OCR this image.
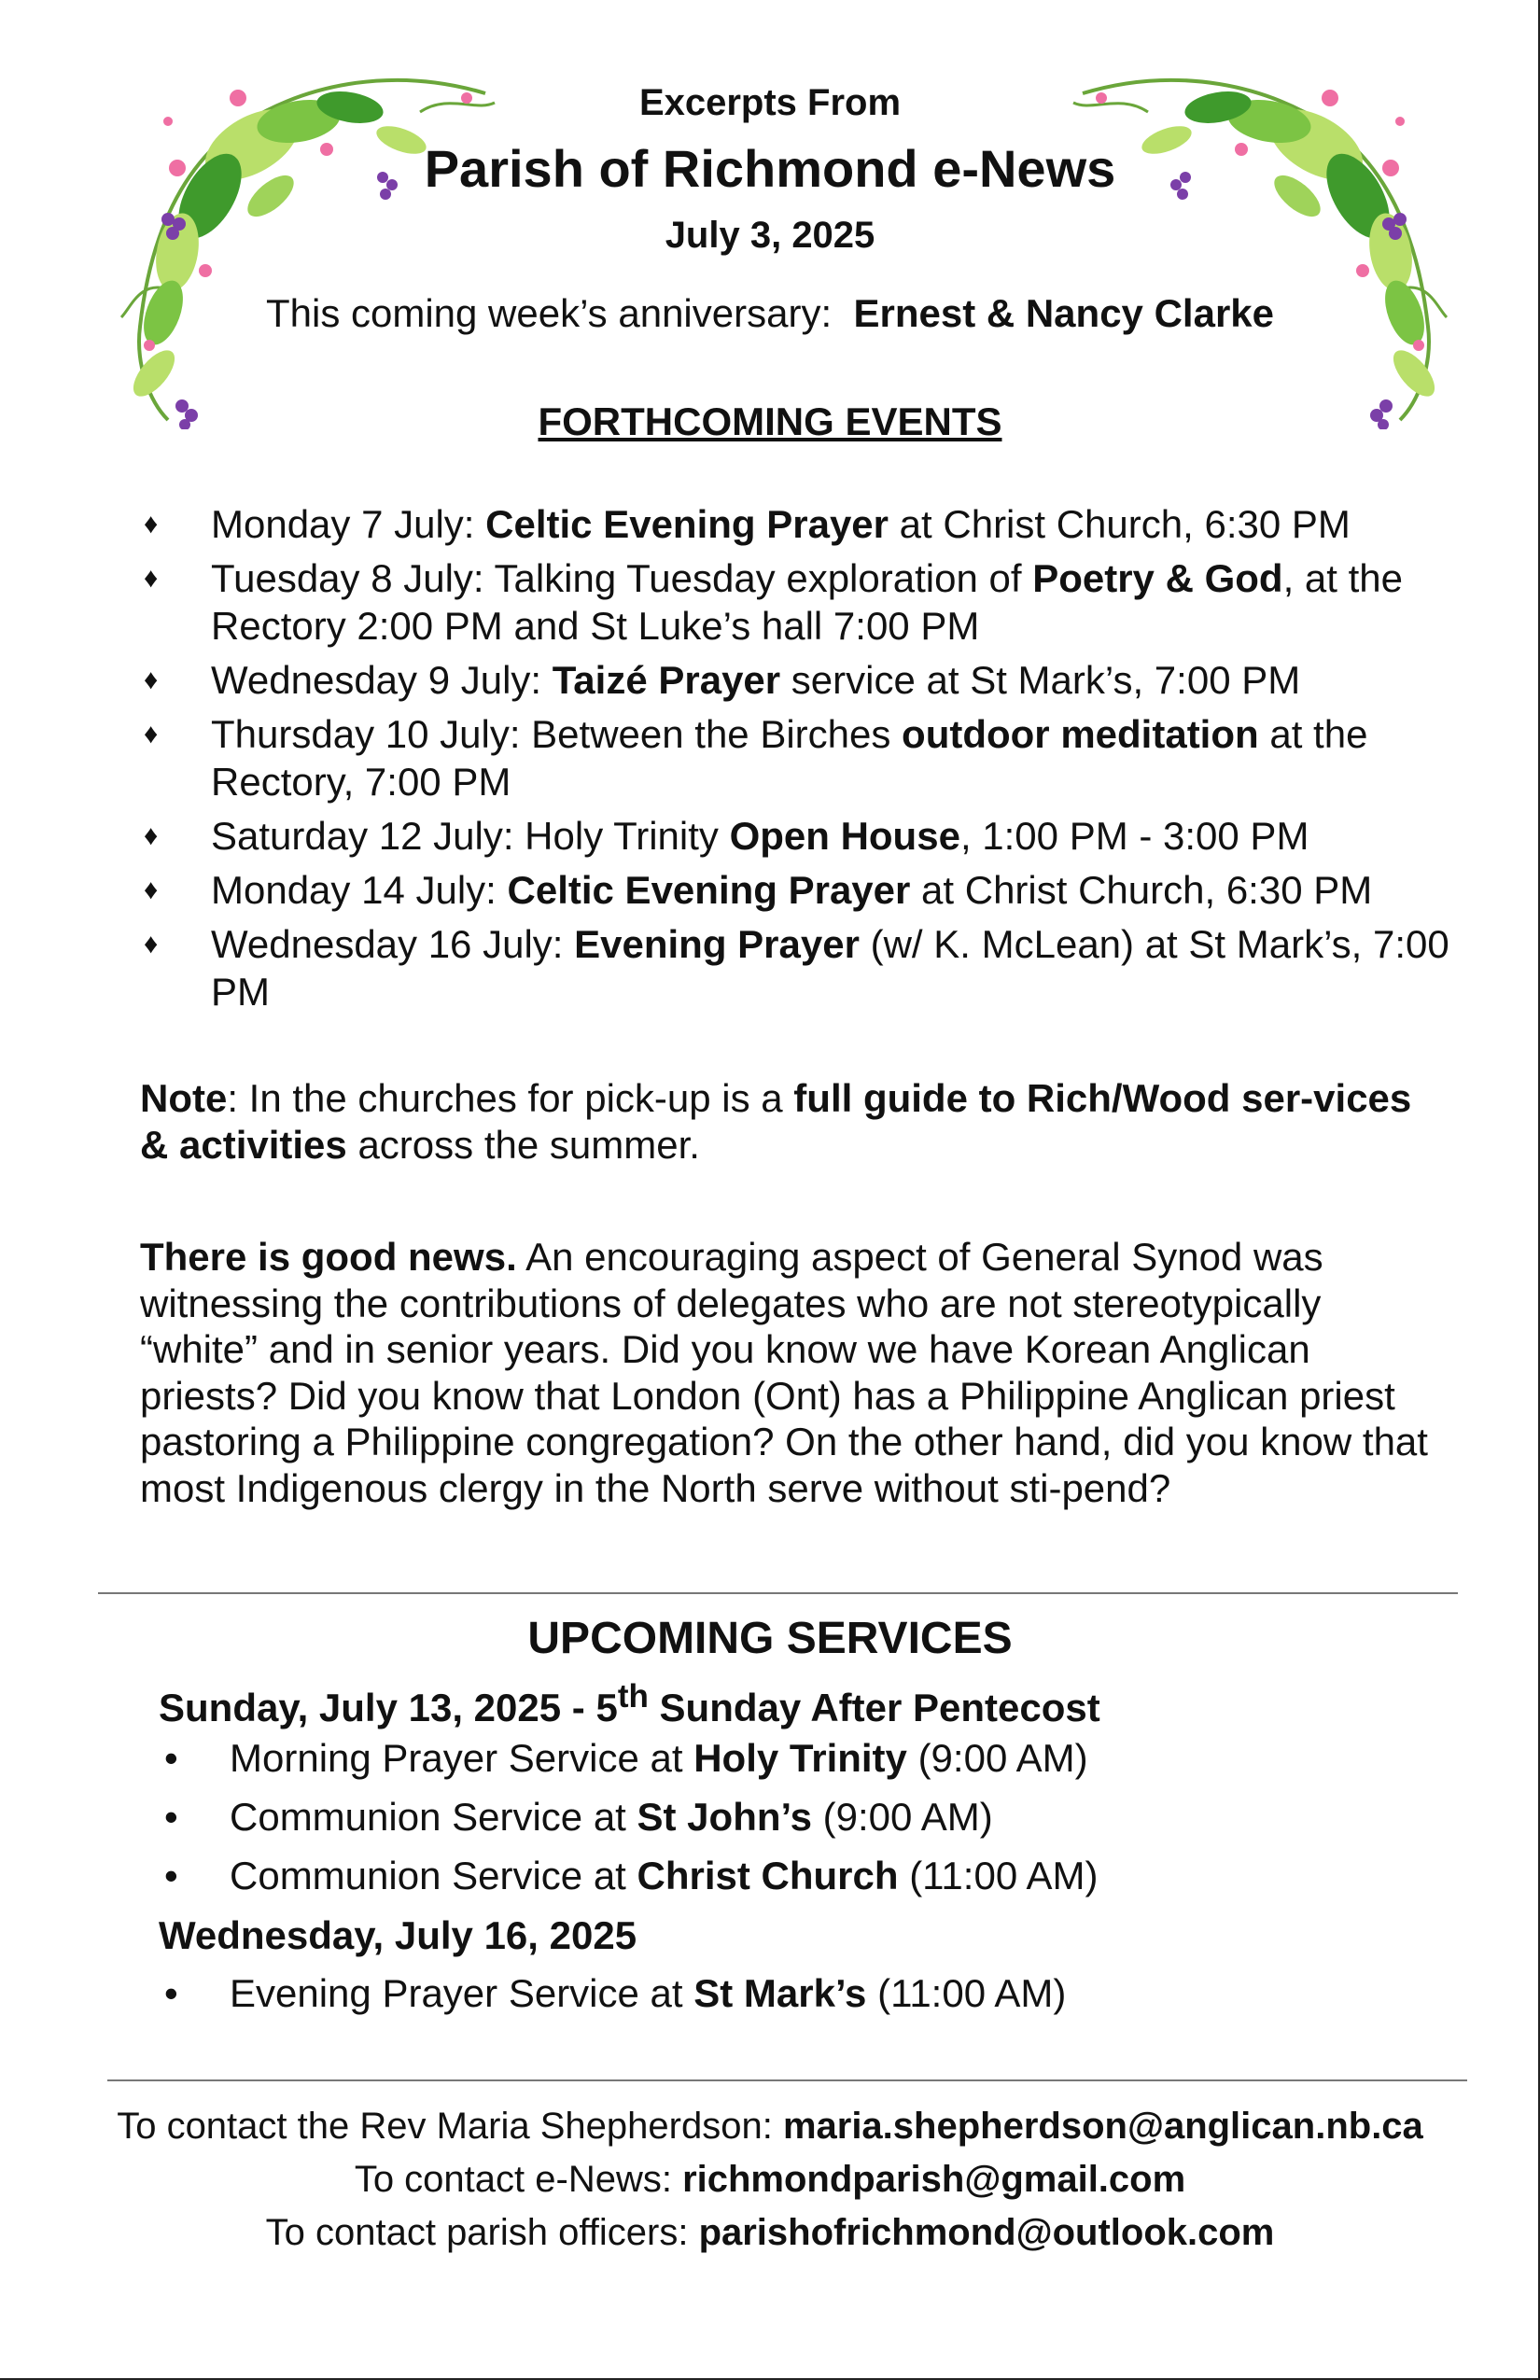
Excerpts From
Parish of Richmond e-News
July 3, 2025
This coming week’s anniversary: Ernest & Nancy Clarke
FORTHCOMING EVENTS
♦ Monday 7 July: Celtic Evening Prayer at Christ Church, 6:30 PM
♦ Tuesday 8 July: Talking Tuesday exploration of Poetry & God, at the Rectory 2:00 PM and St Luke’s hall 7:00 PM
♦ Wednesday 9 July: Taizé Prayer service at St Mark’s, 7:00 PM
♦ Thursday 10 July: Between the Birches outdoor meditation at the Rectory, 7:00 PM
♦ Saturday 12 July: Holy Trinity Open House, 1:00 PM - 3:00 PM
♦ Monday 14 July: Celtic Evening Prayer at Christ Church, 6:30 PM
♦ Wednesday 16 July: Evening Prayer (w/ K. McLean) at St Mark’s, 7:00 PM

Note: In the churches for pick-up is a full guide to Rich/Wood ser-vices & activities across the summer.

There is good news. An encouraging aspect of General Synod was witnessing the contributions of delegates who are not stereotypically “white” and in senior years. Did you know we have Korean Anglican priests? Did you know that London (Ont) has a Philippine Anglican priest pastoring a Philippine congregation? On the other hand, did you know that most Indigenous clergy in the North serve without sti-pend?

UPCOMING SERVICES
Sunday, July 13, 2025 - 5th Sunday After Pentecost
• Morning Prayer Service at Holy Trinity (9:00 AM)
• Communion Service at St John’s (9:00 AM)
• Communion Service at Christ Church (11:00 AM)
Wednesday, July 16, 2025
• Evening Prayer Service at St Mark’s (11:00 AM)
To contact the Rev Maria Shepherdson: maria.shepherdson@anglican.nb.ca
To contact e-News: richmondparish@gmail.com
To contact parish officers: parishofrichmond@outlook.com
